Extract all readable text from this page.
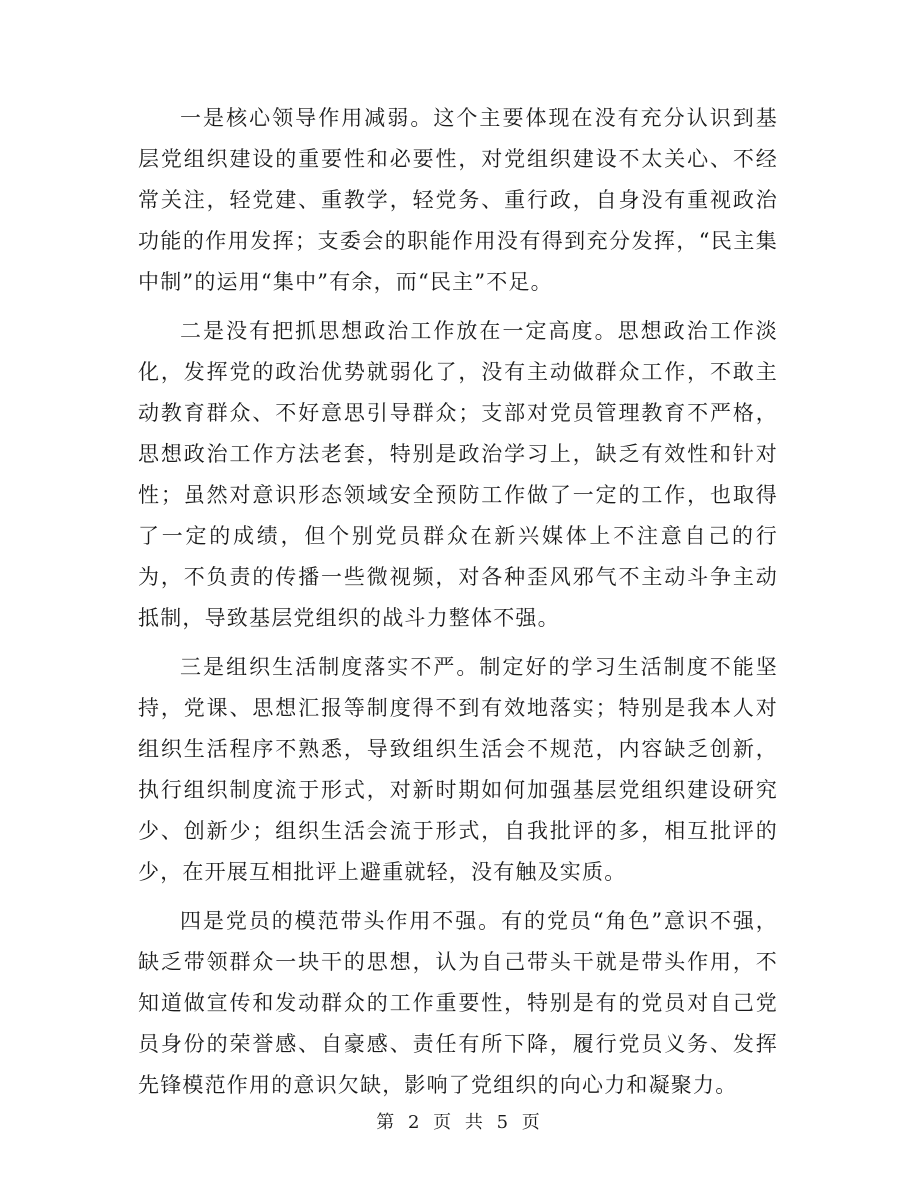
一是核心领导作用减弱。这个主要体现在没有充分认识到基层党组织建设的重要性和必要性，对党组织建设不太关心、不经常关注，轻党建、重教学，轻党务、重行政，自身没有重视政治功能的作用发挥；支委会的职能作用没有得到充分发挥，“民主集中制”的运用“集中”有余，而“民主”不足。

二是没有把抓思想政治工作放在一定高度。思想政治工作淡化，发挥党的政治优势就弱化了，没有主动做群众工作，不敢主动教育群众、不好意思引导群众；支部对党员管理教育不严格，思想政治工作方法老套，特别是政治学习上，缺乏有效性和针对性；虽然对意识形态领域安全预防工作做了一定的工作，也取得了一定的成绩，但个别党员群众在新兴媒体上不注意自己的行为，不负责的传播一些微视频，对各种歪风邪气不主动斗争主动抵制，导致基层党组织的战斗力整体不强。

三是组织生活制度落实不严。制定好的学习生活制度不能坚持，党课、思想汇报等制度得不到有效地落实；特别是我本人对组织生活程序不熟悉，导致组织生活会不规范，内容缺乏创新，执行组织制度流于形式，对新时期如何加强基层党组织建设研究少、创新少；组织生活会流于形式，自我批评的多，相互批评的少，在开展互相批评上避重就轻，没有触及实质。

四是党员的模范带头作用不强。有的党员“角色”意识不强，缺乏带领群众一块干的思想，认为自己带头干就是带头作用，不知道做宣传和发动群众的工作重要性，特别是有的党员对自己党员身份的荣誉感、自豪感、责任有所下降，履行党员义务、发挥先锋模范作用的意识欠缺，影响了党组织的向心力和凝聚力。

第 2 页 共 5 页
